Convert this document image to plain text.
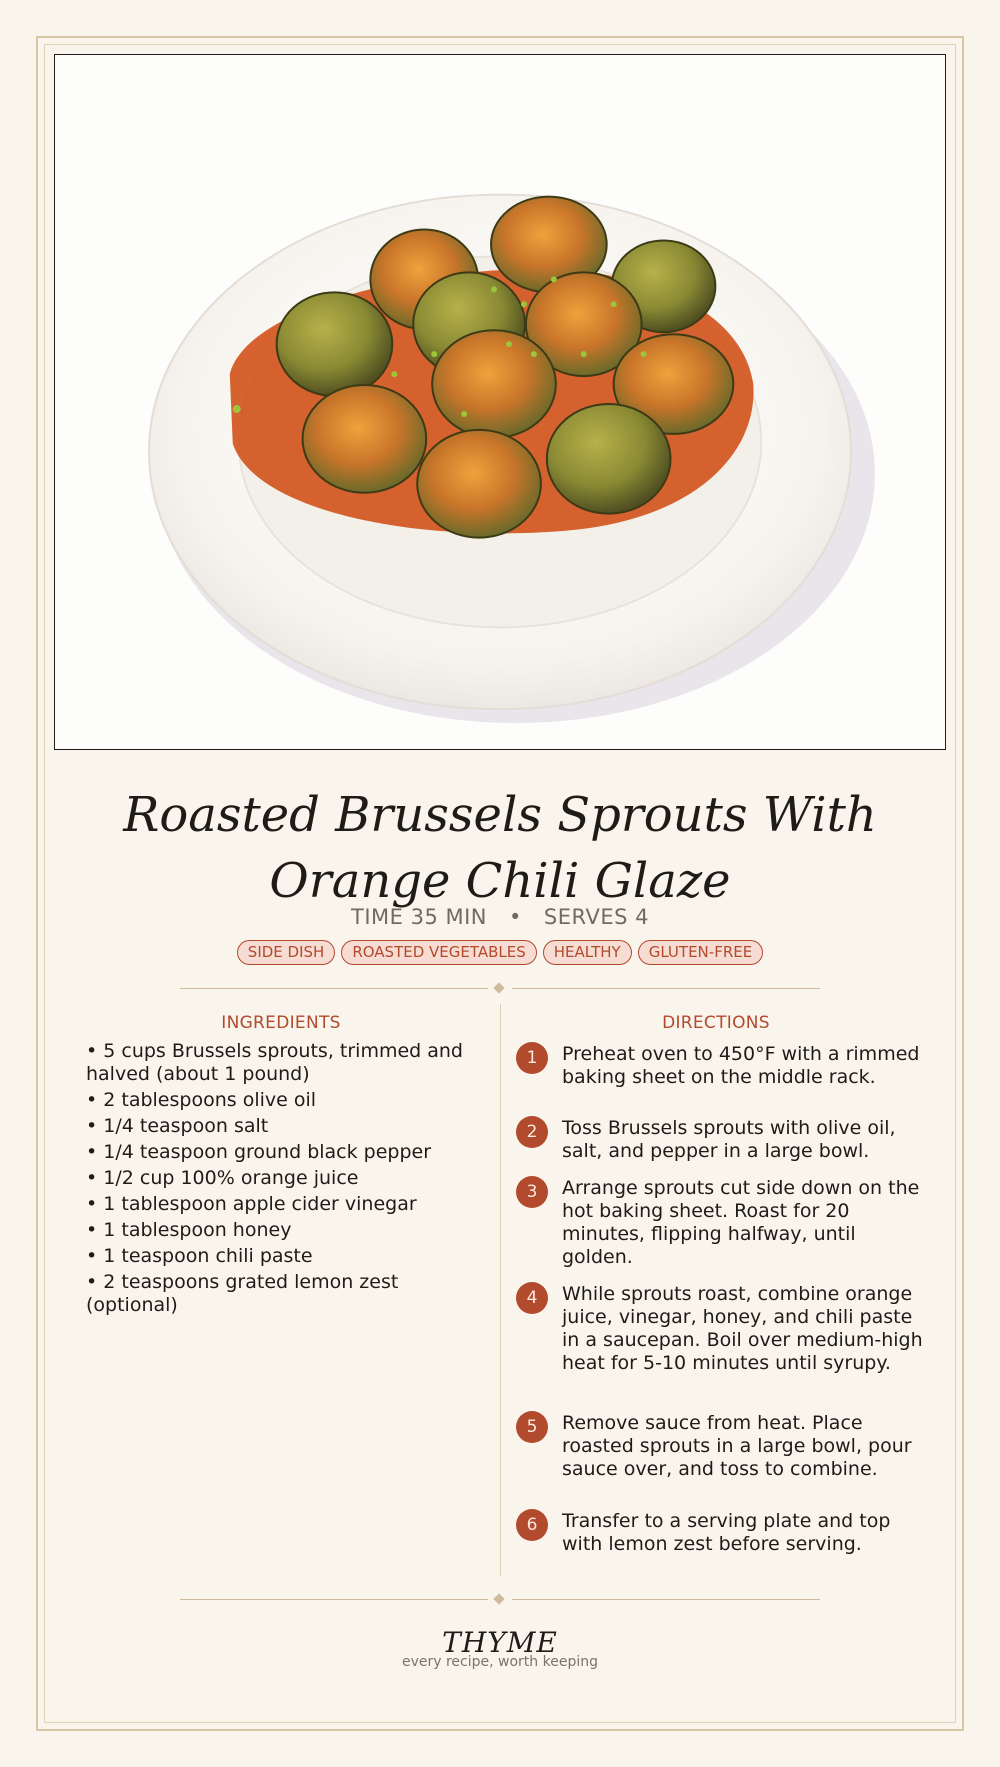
Roasted Brussels Sprouts With Orange Chili Glaze
TIME 35 MIN • SERVES 4
SIDE DISH ROASTED VEGETABLES HEALTHY GLUTEN-FREE
INGREDIENTS
• 5 cups Brussels sprouts, trimmed and halved (about 1 pound)
• 2 tablespoons olive oil
• 1/4 teaspoon salt
• 1/4 teaspoon ground black pepper
• 1/2 cup 100% orange juice
• 1 tablespoon apple cider vinegar
• 1 tablespoon honey
• 1 teaspoon chili paste
• 2 teaspoons grated lemon zest (optional)
DIRECTIONS
1	Preheat oven to 450°F with a rimmed baking sheet on the middle rack.
2	Toss Brussels sprouts with olive oil, salt, and pepper in a large bowl.
3	Arrange sprouts cut side down on the hot baking sheet. Roast for 20 minutes, flipping halfway, until golden.
4	While sprouts roast, combine orange juice, vinegar, honey, and chili paste in a saucepan. Boil over medium-high heat for 5-10 minutes until syrupy.
5	Remove sauce from heat. Place roasted sprouts in a large bowl, pour sauce over, and toss to combine.
6	Transfer to a serving plate and top with lemon zest before serving.
THYME
every recipe, worth keeping
